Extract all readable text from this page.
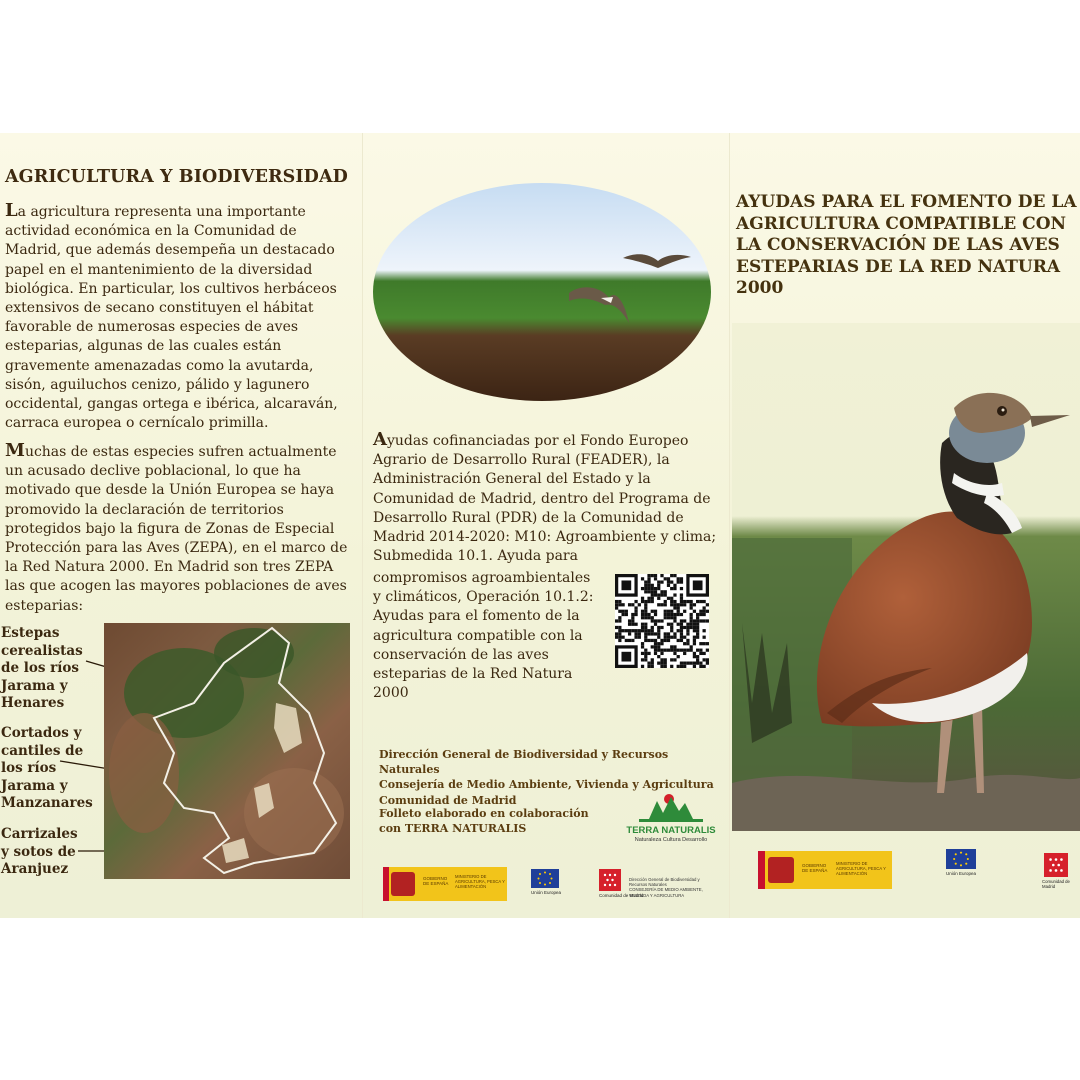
AGRICULTURA Y BIODIVERSIDAD

La agricultura representa una importante actividad económica en la Comunidad de Madrid, que además desempeña un destacado papel en el mantenimiento de la diversidad biológica. En particular, los cultivos herbáceos extensivos de secano constituyen el hábitat favorable de numerosas especies de aves esteparias, algunas de las cuales están gravemente amenazadas como la avutarda, sisón, aguiluchos cenizo, pálido y lagunero occidental, gangas ortega e ibérica, alcaraván, carraca europea o cernícalo primilla.

Muchas de estas especies sufren actualmente un acusado declive poblacional, lo que ha motivado que desde la Unión Europea se haya promovido la declaración de territorios protegidos bajo la figura de Zonas de Especial Protección para las Aves (ZEPA), en el marco de la Red Natura 2000. En Madrid son tres ZEPA las que acogen las mayores poblaciones de aves esteparias:

Estepas cerealistas de los ríos Jarama y Henares
Cortados y cantiles de los ríos Jarama y Manzanares
Carrizales y sotos de Aranjuez

Ayudas cofinanciadas por el Fondo Europeo Agrario de Desarrollo Rural (FEADER), la Administración General del Estado y la Comunidad de Madrid, dentro del Programa de Desarrollo Rural (PDR) de la Comunidad de Madrid 2014-2020: M10: Agroambiente y clima; Submedida 10.1. Ayuda para

compromisos agroambientales y climáticos, Operación 10.1.2: Ayudas para el fomento de la agricultura compatible con la conservación de las aves esteparias de la Red Natura 2000

Dirección General de Biodiversidad y Recursos Naturales
Consejería de Medio Ambiente, Vivienda y Agricultura
Comunidad de Madrid
Folleto elaborado en colaboración
con TERRA NATURALIS	TERRA NATURALIS
Naturaleza Cultura Desarrollo
GOBIERNO DE ESPAÑA
MINISTERIO DE AGRICULTURA, PESCA Y ALIMENTACIÓN
Unión Europea
Comunidad de Madrid
Dirección General de Biodiversidad y Recursos Naturales
CONSEJERÍA DE MEDIO AMBIENTE, VIVIENDA Y AGRICULTURA
AYUDAS PARA EL FOMENTO DE LA AGRICULTURA COMPATIBLE CON LA CONSERVACIÓN DE LAS AVES ESTEPARIAS DE LA RED NATURA 2000
GOBIERNO DE ESPAÑA
MINISTERIO DE AGRICULTURA, PESCA Y ALIMENTACIÓN	Unión Europea
Comunidad de Madrid
